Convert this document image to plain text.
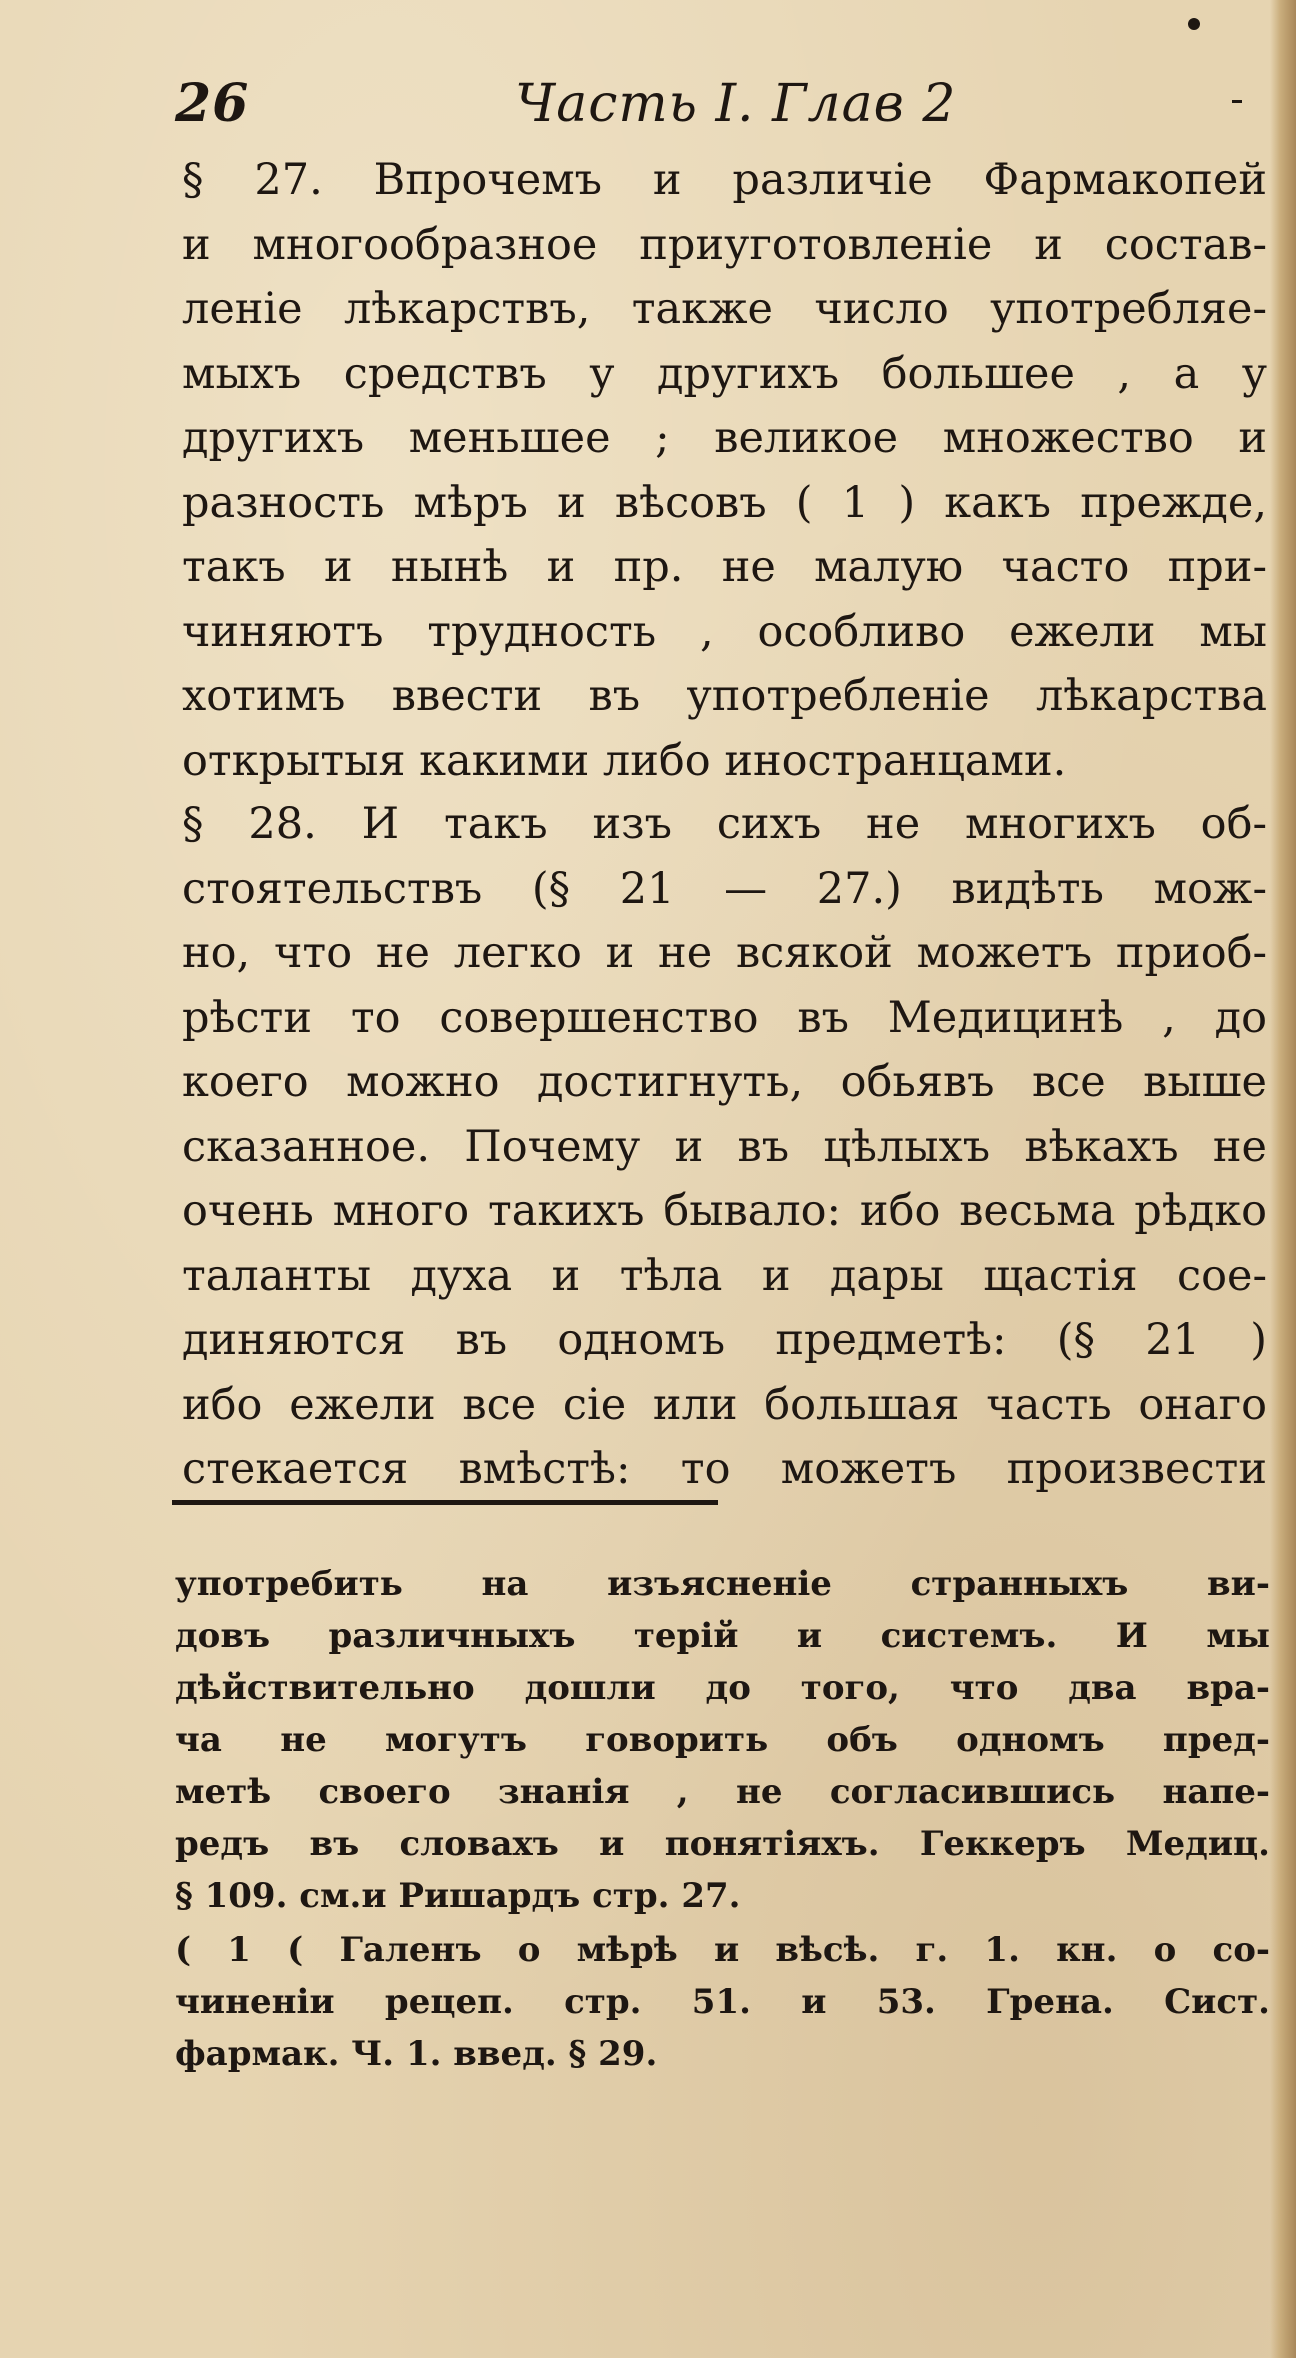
26	Часть I. Глав 2
§ 27. Впрочемъ и различіе Фармакопей
и многообразное приуготовленіе и состав-
леніе лѣкарствъ, также число употребляе-
мыхъ средствъ у другихъ большее , а у
другихъ меньшее ; великое множество и
разность мѣръ и вѣсовъ ( 1 ) какъ прежде,
такъ и нынѣ и пр. не малую часто при-
чиняютъ трудность , особливо ежели мы
хотимъ ввести въ употребленіе лѣкарства
открытыя какими либо иностранцами.
§ 28. И такъ изъ сихъ не многихъ об-
стоятельствъ (§ 21 — 27.) видѣть мож-
но, что не легко и не всякой можетъ приоб-
рѣсти то совершенство въ Медицинѣ , до
коего можно достигнуть, обьявъ все выше
сказанное. Почему и въ цѣлыхъ вѣкахъ не
очень много такихъ бывало: ибо весьма рѣдко
таланты духа и тѣла и дары щастія сое-
диняются въ одномъ предметѣ: (§ 21 )
ибо ежели все сіе или большая часть онаго
стекается вмѣстѣ: то можетъ произвести
употребить на изъясненіе странныхъ ви-
довъ различныхъ терій и системъ. И мы
дѣйствительно дошли до того, что два вра-
ча не могутъ говорить объ одномъ пред-
метѣ своего знанія , не согласившись напе-
редъ въ словахъ и понятіяхъ. Геккеръ Медиц.
§ 109. см.и Ришардъ стр. 27.
( 1 ( Галенъ о мѣрѣ и вѣсѣ. г. 1. кн. о со-
чиненіи рецеп. стр. 51. и 53. Грена. Сист.
фармак. Ч. 1. введ. § 29.
